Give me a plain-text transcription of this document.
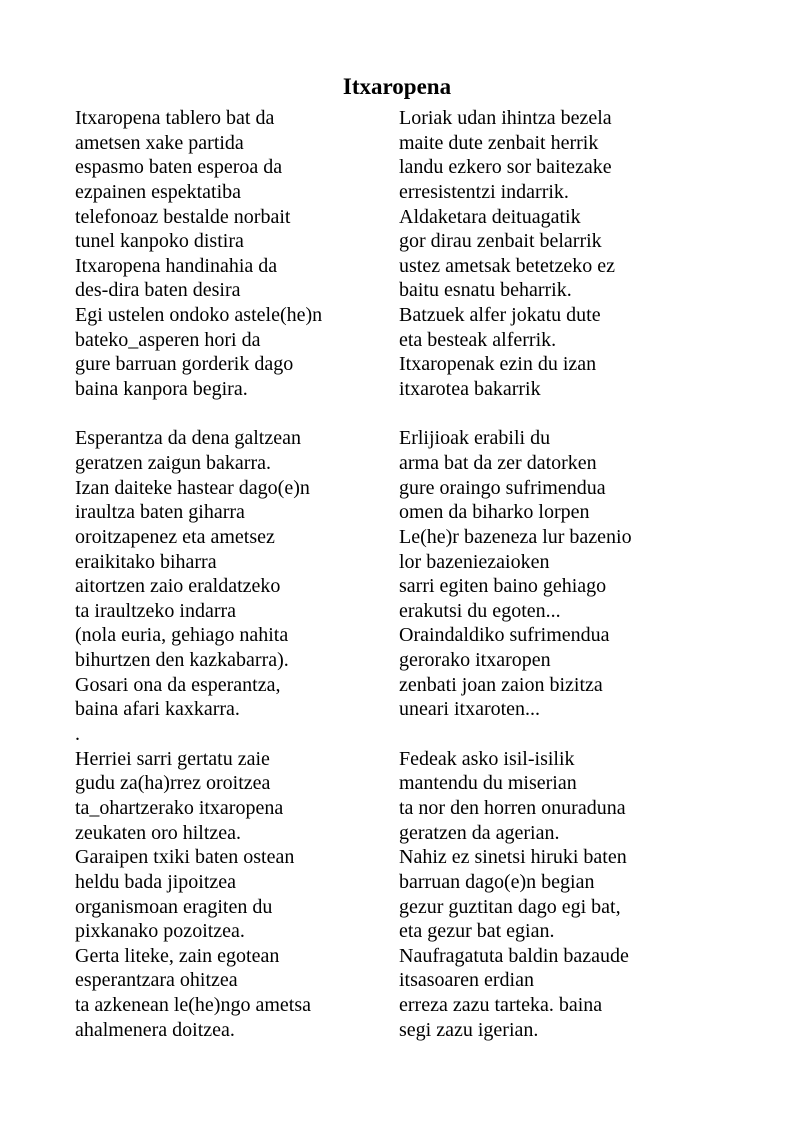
Itxaropena
Itxaropena tablero bat da
ametsen xake partida
espasmo baten esperoa da
ezpainen espektatiba
telefonoaz bestalde norbait
tunel kanpoko distira
Itxaropena handinahia da
des-dira baten desira
Egi ustelen ondoko astele(he)n
bateko_asperen hori da
gure barruan gorderik dago
baina kanpora begira.
Esperantza da dena galtzean
geratzen zaigun bakarra.
Izan daiteke hastear dago(e)n
iraultza baten giharra
oroitzapenez eta ametsez
eraikitako biharra
aitortzen zaio eraldatzeko
ta iraultzeko indarra
(nola euria, gehiago nahita
bihurtzen den kazkabarra).
Gosari ona da esperantza,
baina afari kaxkarra.
.
Herriei sarri gertatu zaie
gudu za(ha)rrez oroitzea
ta_ohartzerako itxaropena
zeukaten oro hiltzea.
Garaipen txiki baten ostean
heldu bada jipoitzea
organismoan eragiten du
pixkanako pozoitzea.
Gerta liteke, zain egotean
esperantzara ohitzea
ta azkenean le(he)ngo ametsa
ahalmenera doitzea.
Loriak udan ihintza bezela
maite dute zenbait herrik
landu ezkero sor baitezake
erresistentzi indarrik.
Aldaketara deituagatik
gor dirau zenbait belarrik
ustez ametsak betetzeko ez
baitu esnatu beharrik.
Batzuek alfer jokatu dute
eta besteak alferrik.
Itxaropenak ezin du izan
itxarotea bakarrik
Erlijioak erabili du
arma bat da zer datorken
gure oraingo sufrimendua
omen da biharko lorpen
Le(he)r bazeneza lur bazenio
lor bazeniezaioken
sarri egiten baino gehiago
erakutsi du egoten...
Oraindaldiko sufrimendua
gerorako itxaropen
zenbati joan zaion bizitza
uneari itxaroten...
Fedeak asko isil-isilik
mantendu du miserian
ta nor den horren onuraduna
geratzen da agerian.
Nahiz ez sinetsi hiruki baten
barruan dago(e)n begian
gezur guztitan dago egi bat,
eta gezur bat egian.
Naufragatuta baldin bazaude
itsasoaren erdian
erreza zazu tarteka. baina
segi zazu igerian.
